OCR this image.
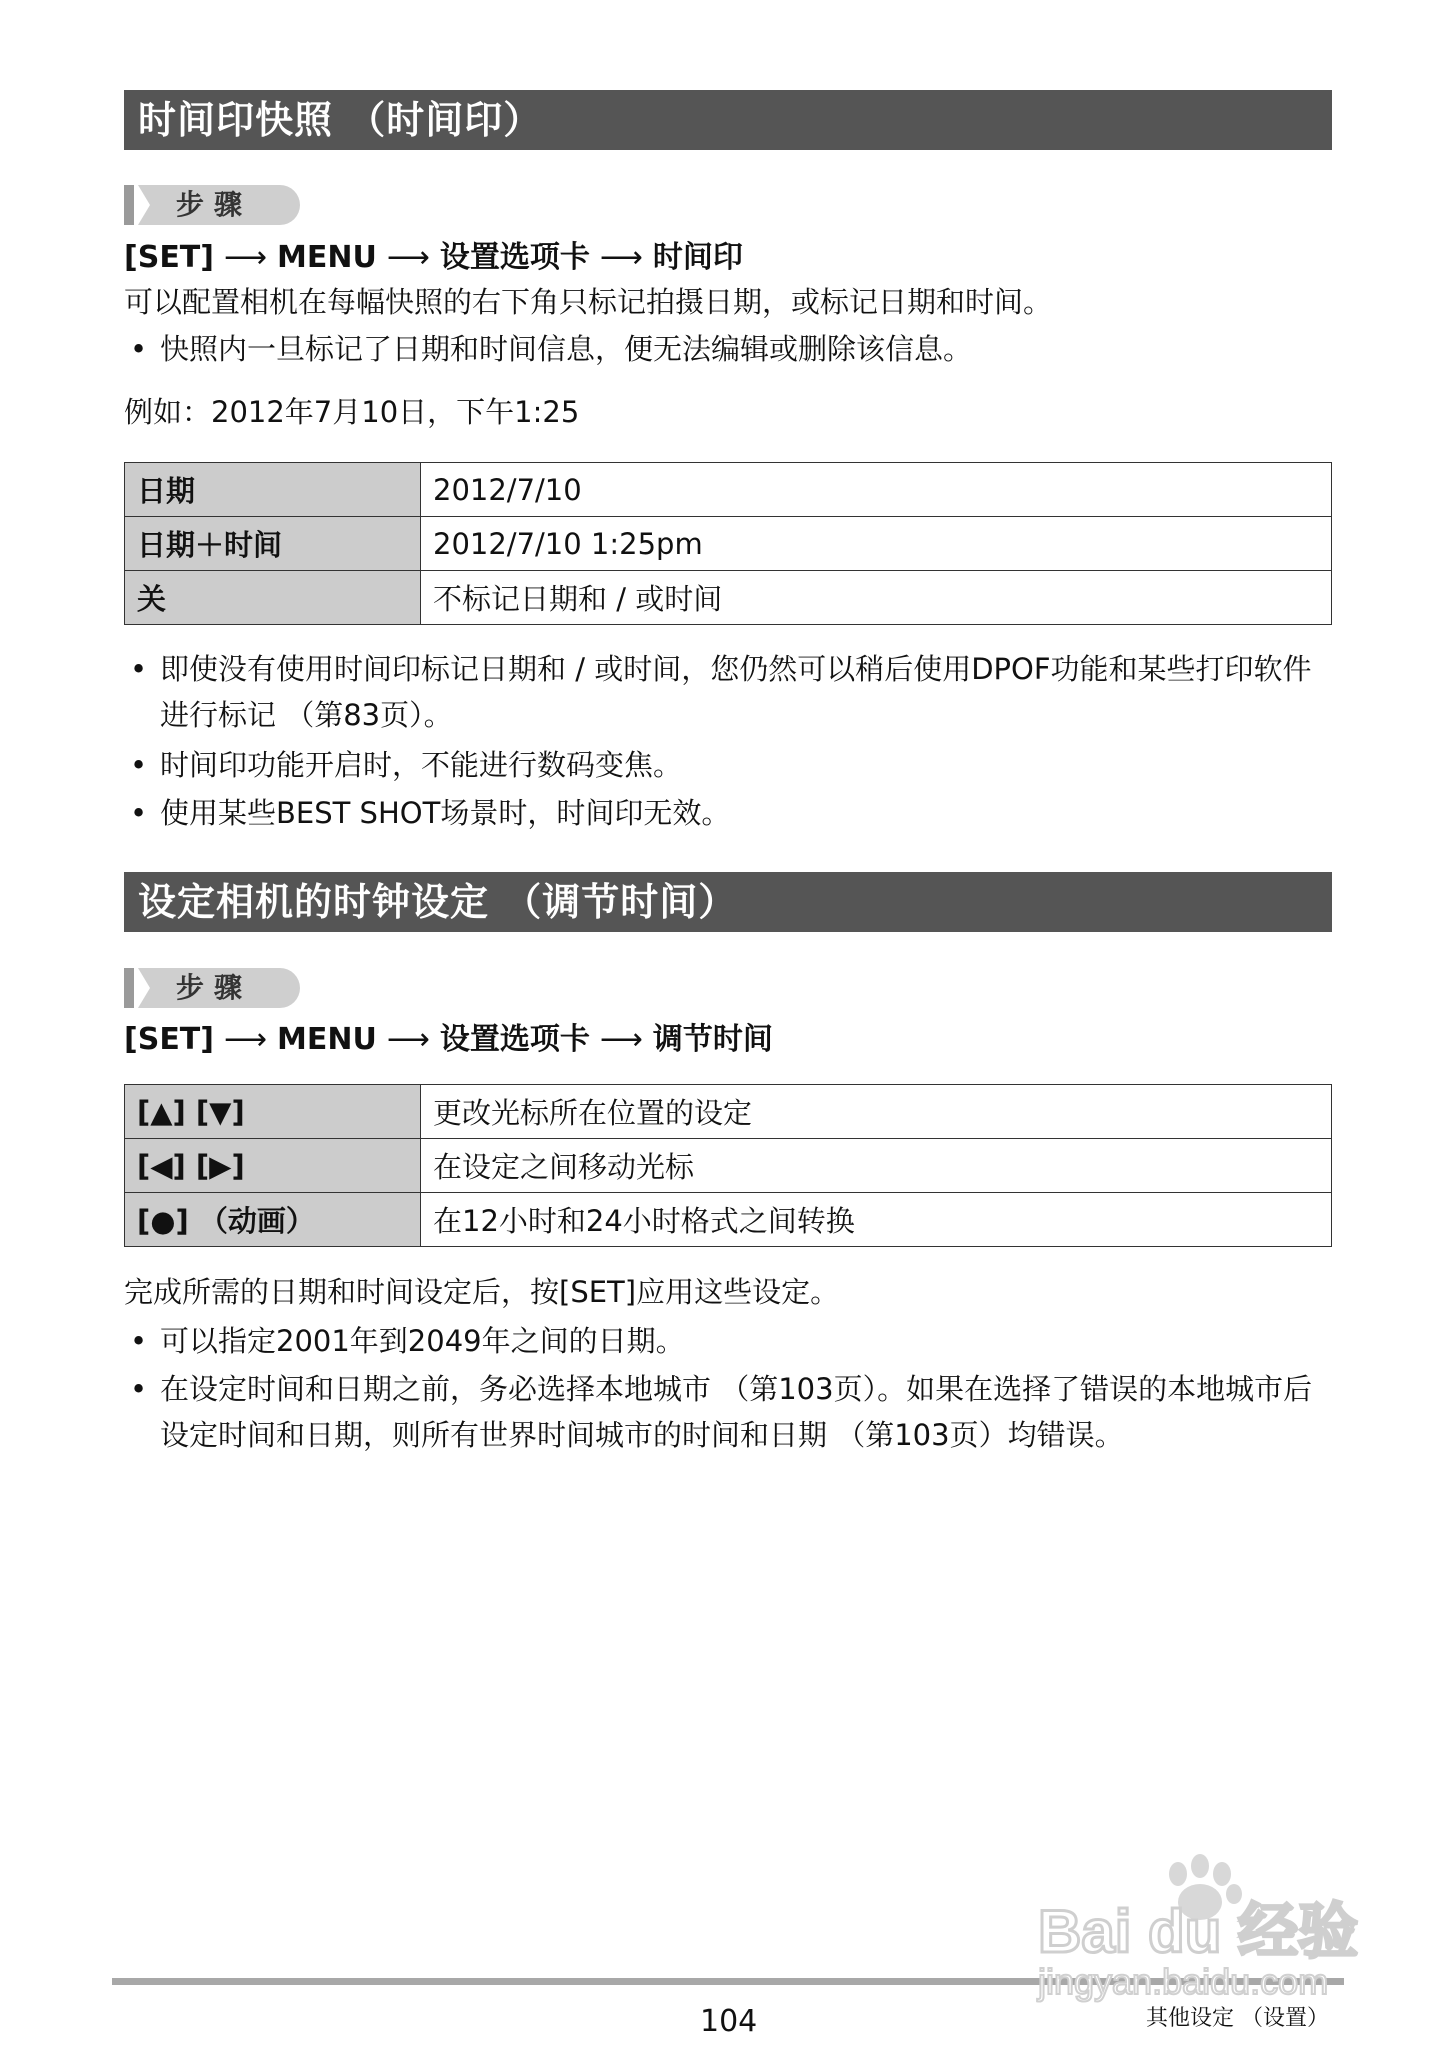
时间印快照 （时间印）
步骤
[SET] ⟶ MENU ⟶ 设置选项卡 ⟶ 时间印
可以配置相机在每幅快照的右下角只标记拍摄日期，或标记日期和时间。
• 快照内一旦标记了日期和时间信息，便无法编辑或删除该信息。
例如：2012年7月10日，下午1:25
日期	2012/7/10
日期＋时间	2012/7/10 1:25pm
关	不标记日期和 / 或时间
• 即使没有使用时间印标记日期和 / 或时间，您仍然可以稍后使用DPOF功能和某些打印软件进行标记 （第83页）。
• 时间印功能开启时，不能进行数码变焦。
• 使用某些BEST SHOT场景时，时间印无效。
设定相机的时钟设定 （调节时间）
步骤
[SET] ⟶ MENU ⟶ 设置选项卡 ⟶ 调节时间
[▲] [▼]	更改光标所在位置的设定
[◀] [▶]	在设定之间移动光标
[●] （动画）	在12小时和24小时格式之间转换
完成所需的日期和时间设定后，按[SET]应用这些设定。
• 可以指定2001年到2049年之间的日期。
• 在设定时间和日期之前，务必选择本地城市 （第103页）。如果在选择了错误的本地城市后设定时间和日期，则所有世界时间城市的时间和日期 （第103页）均错误。
104	其他设定 （设置）
Bai du 经验
jingyan.baidu.com
